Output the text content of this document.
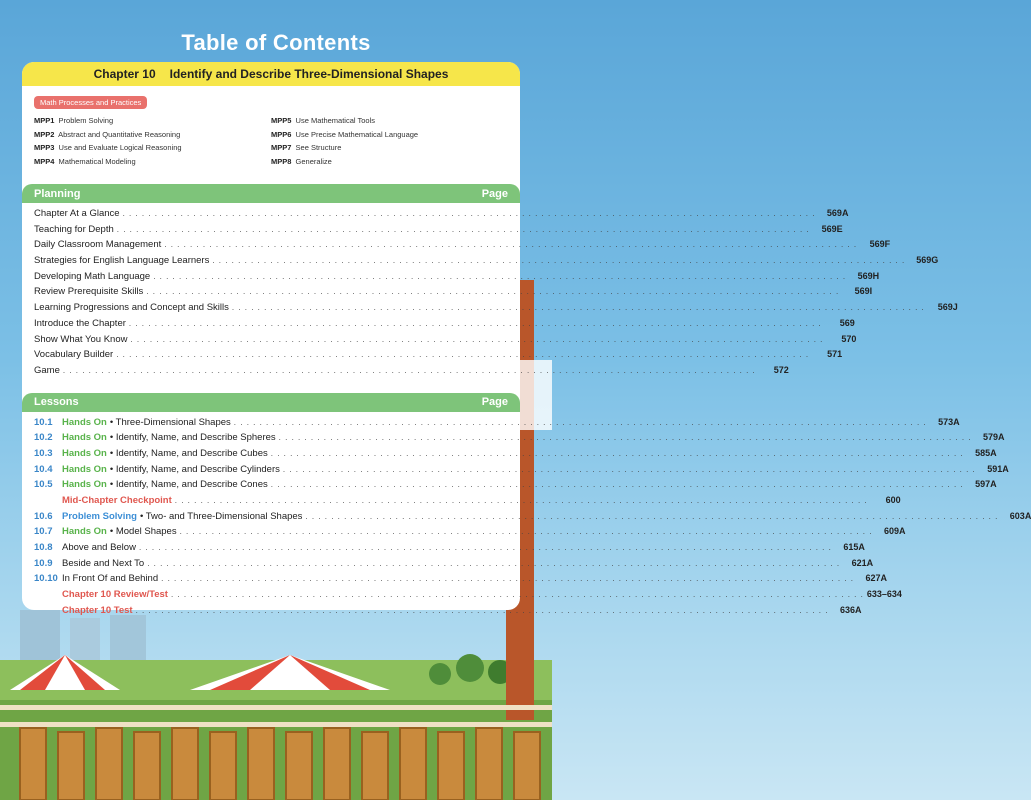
Table of Contents
Chapter 10 Identify and Describe Three-Dimensional Shapes
Math Processes and Practices
MPP1 Problem Solving
MPP2 Abstract and Quantitative Reasoning
MPP3 Use and Evaluate Logical Reasoning
MPP4 Mathematical Modeling
MPP5 Use Mathematical Tools
MPP6 Use Precise Mathematical Language
MPP7 See Structure
MPP8 Generalize
Planning	Page
Chapter At a Glance . . .	569A
Teaching for Depth . . .	569E
Daily Classroom Management . . .	569F
Strategies for English Language Learners . . .	569G
Developing Math Language . . .	569H
Review Prerequisite Skills . . .	569I
Learning Progressions and Concept and Skills . . .	569J
Introduce the Chapter . . .	569
Show What You Know . . .	570
Vocabulary Builder . . .	571
Game . . .	572
Lessons	Page
10.1 Hands On • Three-Dimensional Shapes . . .	573A
10.2 Hands On • Identify, Name, and Describe Spheres . . .	579A
10.3 Hands On • Identify, Name, and Describe Cubes . . .	585A
10.4 Hands On • Identify, Name, and Describe Cylinders . . .	591A
10.5 Hands On • Identify, Name, and Describe Cones . . .	597A
Mid-Chapter Checkpoint . . .	600
10.6 Problem Solving • Two- and Three-Dimensional Shapes . . .	603A
10.7 Hands On • Model Shapes . . .	609A
10.8 Above and Below . . .	615A
10.9 Beside and Next To . . .	621A
10.10 In Front Of and Behind . . .	627A
Chapter 10 Review/Test . . .	633–634
Chapter 10 Test . . .	636A
